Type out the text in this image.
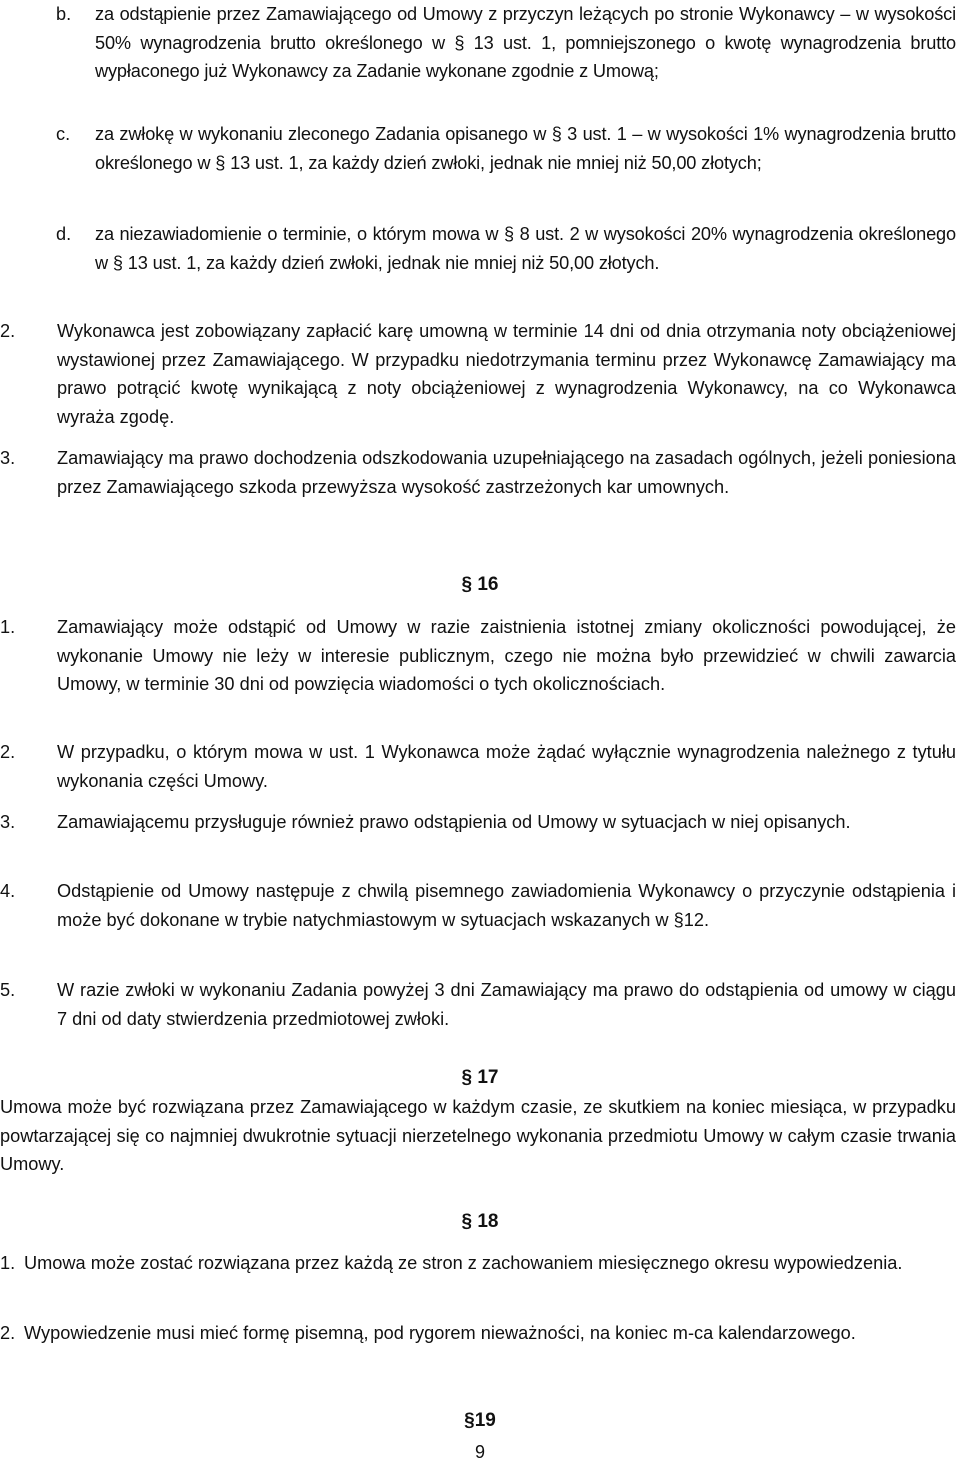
b. za odstąpienie przez Zamawiającego od Umowy z przyczyn leżących po stronie Wykonawcy – w wysokości 50% wynagrodzenia brutto określonego w § 13 ust. 1, pomniejszonego o kwotę wynagrodzenia brutto wypłaconego już Wykonawcy za Zadanie wykonane zgodnie z Umową;
c. za zwłokę w wykonaniu zleconego Zadania opisanego w § 3 ust. 1 – w wysokości 1% wynagrodzenia brutto określonego w § 13 ust. 1, za każdy dzień zwłoki, jednak nie mniej niż 50,00 złotych;
d. za niezawiadomienie o terminie, o którym mowa w § 8 ust. 2 w wysokości 20% wynagrodzenia określonego w § 13 ust. 1, za każdy dzień zwłoki, jednak nie mniej niż 50,00 złotych.
2. Wykonawca jest zobowiązany zapłacić karę umowną w terminie 14 dni od dnia otrzymania noty obciążeniowej wystawionej przez Zamawiającego. W przypadku niedotrzymania terminu przez Wykonawcę Zamawiający ma prawo potrącić kwotę wynikającą z noty obciążeniowej z wynagrodzenia Wykonawcy, na co Wykonawca wyraża zgodę.
3. Zamawiający ma prawo dochodzenia odszkodowania uzupełniającego na zasadach ogólnych, jeżeli poniesiona przez Zamawiającego szkoda przewyższa wysokość zastrzeżonych kar umownych.
§ 16
1. Zamawiający może odstąpić od Umowy w razie zaistnienia istotnej zmiany okoliczności powodującej, że wykonanie Umowy nie leży w interesie publicznym, czego nie można było przewidzieć w chwili zawarcia Umowy, w terminie 30 dni od powzięcia wiadomości o tych okolicznościach.
2. W przypadku, o którym mowa w ust. 1 Wykonawca może żądać wyłącznie wynagrodzenia należnego z tytułu wykonania części Umowy.
3. Zamawiającemu przysługuje również prawo odstąpienia od Umowy w sytuacjach w niej opisanych.
4. Odstąpienie od Umowy następuje z chwilą pisemnego zawiadomienia Wykonawcy o przyczynie odstąpienia i może być dokonane w trybie natychmiastowym w sytuacjach wskazanych w §12.
5. W razie zwłoki w wykonaniu Zadania powyżej 3 dni Zamawiający ma prawo do odstąpienia od umowy w ciągu 7 dni od daty stwierdzenia przedmiotowej zwłoki.
§ 17
Umowa może być rozwiązana przez Zamawiającego w każdym czasie, ze skutkiem na koniec miesiąca, w przypadku powtarzającej się co najmniej dwukrotnie sytuacji nierzetelnego wykonania przedmiotu Umowy w całym czasie trwania Umowy.
§ 18
1. Umowa może zostać rozwiązana przez każdą ze stron z zachowaniem miesięcznego okresu wypowiedzenia.
2. Wypowiedzenie musi mieć formę pisemną, pod rygorem nieważności, na koniec m-ca kalendarzowego.
§19
9
